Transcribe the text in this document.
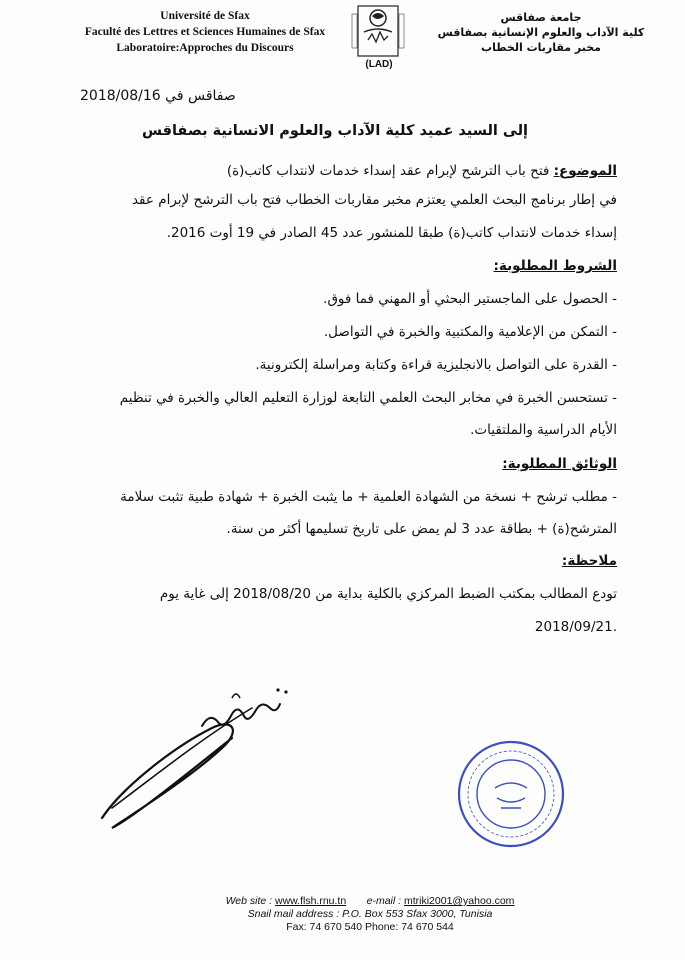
Université de Sfax
Faculté des Lettres et Sciences Humaines de Sfax
Laboratoire:Approches du Discours
(LAD)
جامعة صفاقس
كلية الآداب والعلوم الإنسانية بصفاقس
مخبر مقاربات الخطاب
صفاقس في 2018/08/16
إلى السيد عميد كلية الآداب والعلوم الانسانية بصفاقس
الموضوع: فتح باب الترشح لإبرام عقد إسداء خدمات لانتداب كاتب(ة)
في إطار برنامج البحث العلمي يعتزم مخبر مقاربات الخطاب فتح باب الترشح لإبرام عقد
إسداء خدمات لانتداب كاتب(ة) طبقا للمنشور عدد 45 الصادر في 19 أوت 2016.
الشروط المطلوبة:
- الحصول على الماجستير البحثي أو المهني فما فوق.
- التمكن من الإعلامية والمكتبية والخبرة في التواصل.
- القدرة على التواصل بالانجليزية قراءة وكتابة ومراسلة إلكترونية.
- تستحسن الخبرة في مخابر البحث العلمي التابعة لوزارة التعليم العالي والخبرة في تنظيم
الأيام الدراسية والملتقيات.
الوثائق المطلوبة:
- مطلب ترشح + نسخة من الشهادة العلمية + ما يثبت الخبرة + شهادة طبية تثبت سلامة
المترشح(ة) + بطاقة عدد 3 لم يمض على تاريخ تسليمها أكثر من سنة.
ملاحظة:
تودع المطالب بمكتب الضبط المركزي بالكلية بداية من 2018/08/20 إلى غاية يوم
2018/09/21.
Web site : www.flsh.rnu.tn e-mail : mtriki2001@yahoo.com
Snail mail address : P.O. Box 553 Sfax 3000, Tunisia
Fax: 74 670 540 Phone: 74 670 544
